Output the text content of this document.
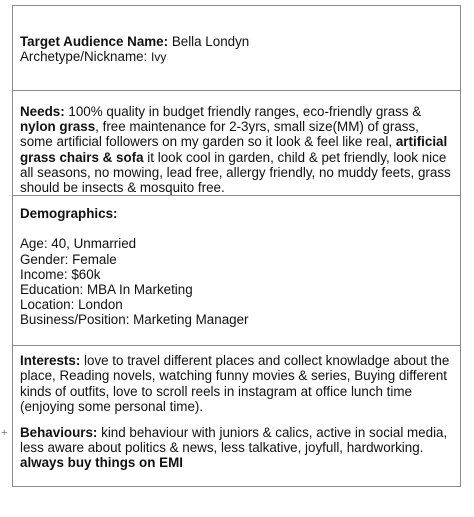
Target Audience Name: Bella Londyn

Archetype/Nickname: Ivy

Needs: 100% quality in budget friendly ranges, eco-friendly grass & nylon grass, free maintenance for 2-3yrs, small size(MM) of grass, some artificial followers on my garden so it look & feel like real, artificial grass chairs & sofa it look cool in garden, child & pet friendly, look nice all seasons, no mowing, lead free, allergy friendly, no muddy feets, grass should be insects & mosquito free.

Demographics:

Age: 40, Unmarried

Gender: Female

Income: $60k

Education: MBA In Marketing

Location: London

Business/Position: Marketing Manager

Interests: love to travel different places and collect knowladge about the place, Reading novels, watching funny movies & series, Buying different kinds of outfits, love to scroll reels in instagram at office lunch time (enjoying some personal time).

Behaviours: kind behaviour with juniors & calics, active in social media, less aware about politics & news, less talkative, joyfull, hardworking.

always buy things on EMI

+
